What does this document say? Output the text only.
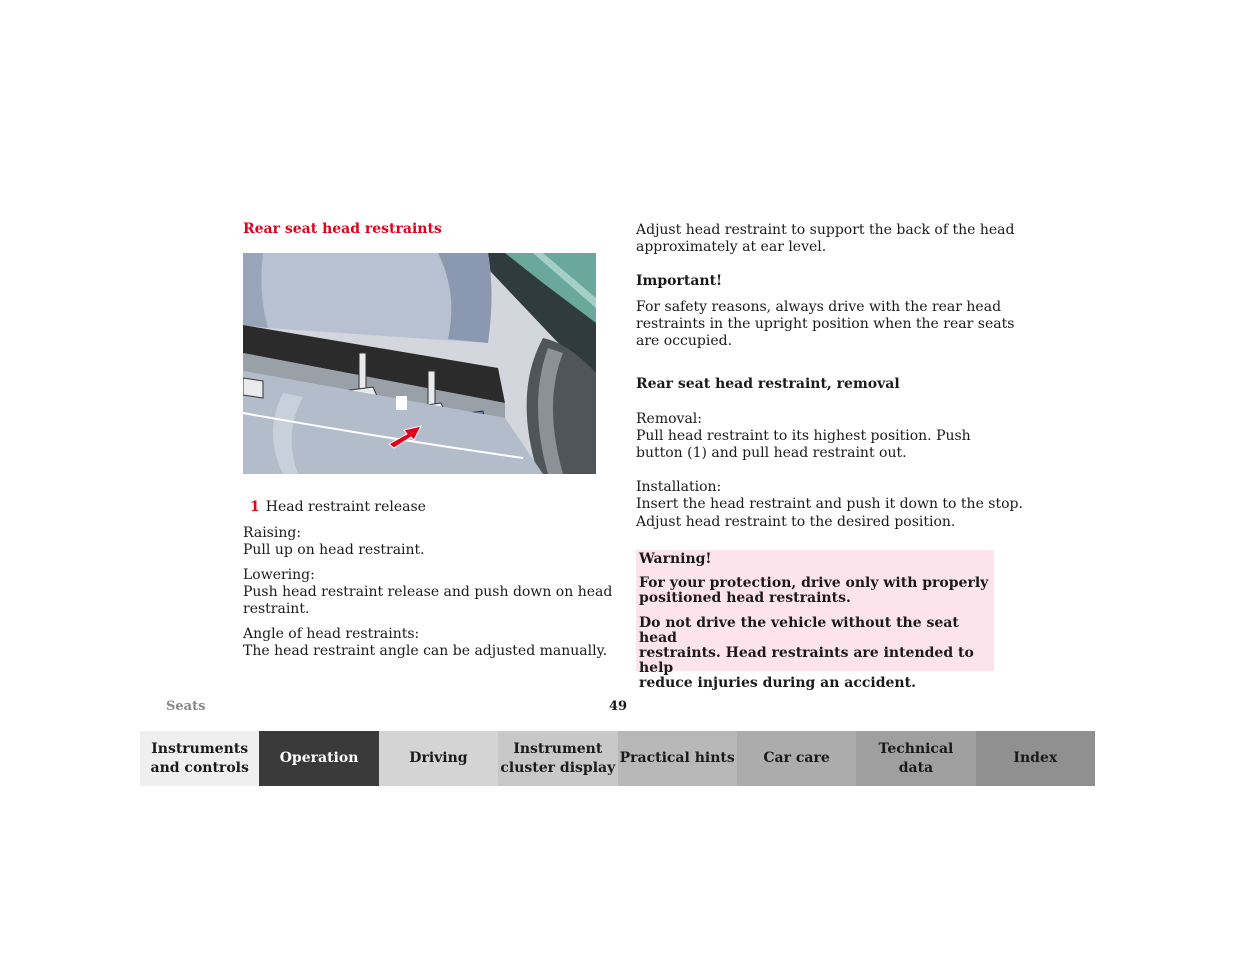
Rear seat head restraints
1 Head restraint release
Raising:
Pull up on head restraint.
Lowering:
Push head restraint release and push down on head
restraint.
Angle of head restraints:
The head restraint angle can be adjusted manually.
Adjust head restraint to support the back of the head
approximately at ear level.
Important!
For safety reasons, always drive with the rear head
restraints in the upright position when the rear seats
are occupied.
Rear seat head restraint, removal
Removal:
Pull head restraint to its highest position. Push
button (1) and pull head restraint out.
Installation:
Insert the head restraint and push it down to the stop.
Adjust head restraint to the desired position.

Warning!

For your protection, drive only with properly
positioned head restraints.

Do not drive the vehicle without the seat head
restraints. Head restraints are intended to help
reduce injuries during an accident.

Seats	49
Instruments
and controls
Operation	Driving
Instrument
cluster display
Practical hints Car care
Technical
data
Index
